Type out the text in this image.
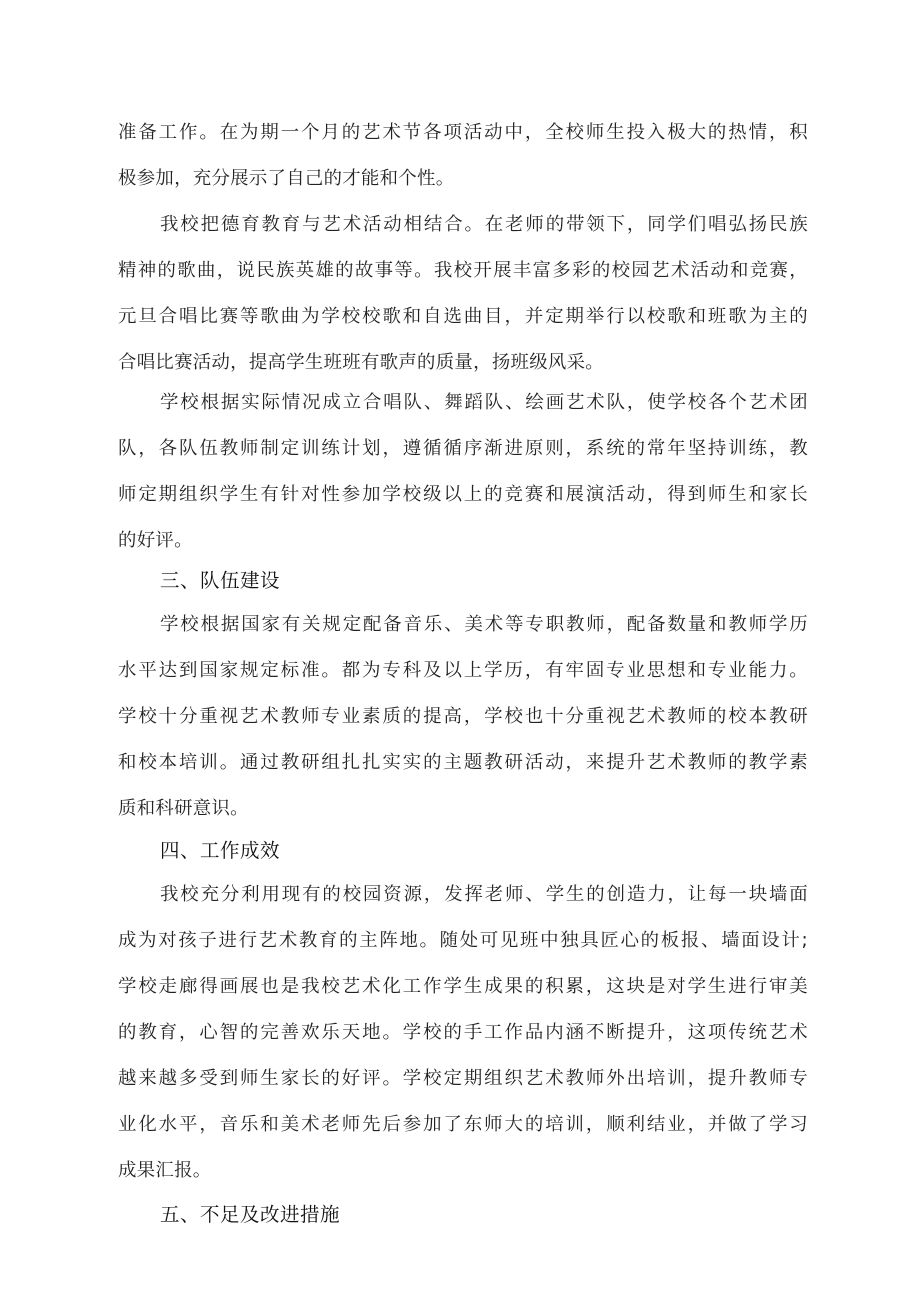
准备工作。在为期一个月的艺术节各项活动中，全校师生投入极大的热情，积
极参加，充分展示了自己的才能和个性。
我校把德育教育与艺术活动相结合。在老师的带领下，同学们唱弘扬民族
精神的歌曲，说民族英雄的故事等。我校开展丰富多彩的校园艺术活动和竞赛，
元旦合唱比赛等歌曲为学校校歌和自选曲目，并定期举行以校歌和班歌为主的
合唱比赛活动，提高学生班班有歌声的质量，扬班级风采。
学校根据实际情况成立合唱队、舞蹈队、绘画艺术队，使学校各个艺术团
队，各队伍教师制定训练计划，遵循循序渐进原则，系统的常年坚持训练，教
师定期组织学生有针对性参加学校级以上的竞赛和展演活动，得到师生和家长
的好评。
三、队伍建设
学校根据国家有关规定配备音乐、美术等专职教师，配备数量和教师学历
水平达到国家规定标准。都为专科及以上学历，有牢固专业思想和专业能力。
学校十分重视艺术教师专业素质的提高，学校也十分重视艺术教师的校本教研
和校本培训。通过教研组扎扎实实的主题教研活动，来提升艺术教师的教学素
质和科研意识。
四、工作成效
我校充分利用现有的校园资源，发挥老师、学生的创造力，让每一块墙面
成为对孩子进行艺术教育的主阵地。随处可见班中独具匠心的板报、墙面设计;
学校走廊得画展也是我校艺术化工作学生成果的积累，这块是对学生进行审美
的教育，心智的完善欢乐天地。学校的手工作品内涵不断提升，这项传统艺术
越来越多受到师生家长的好评。学校定期组织艺术教师外出培训，提升教师专
业化水平，音乐和美术老师先后参加了东师大的培训，顺利结业，并做了学习
成果汇报。
五、不足及改进措施
